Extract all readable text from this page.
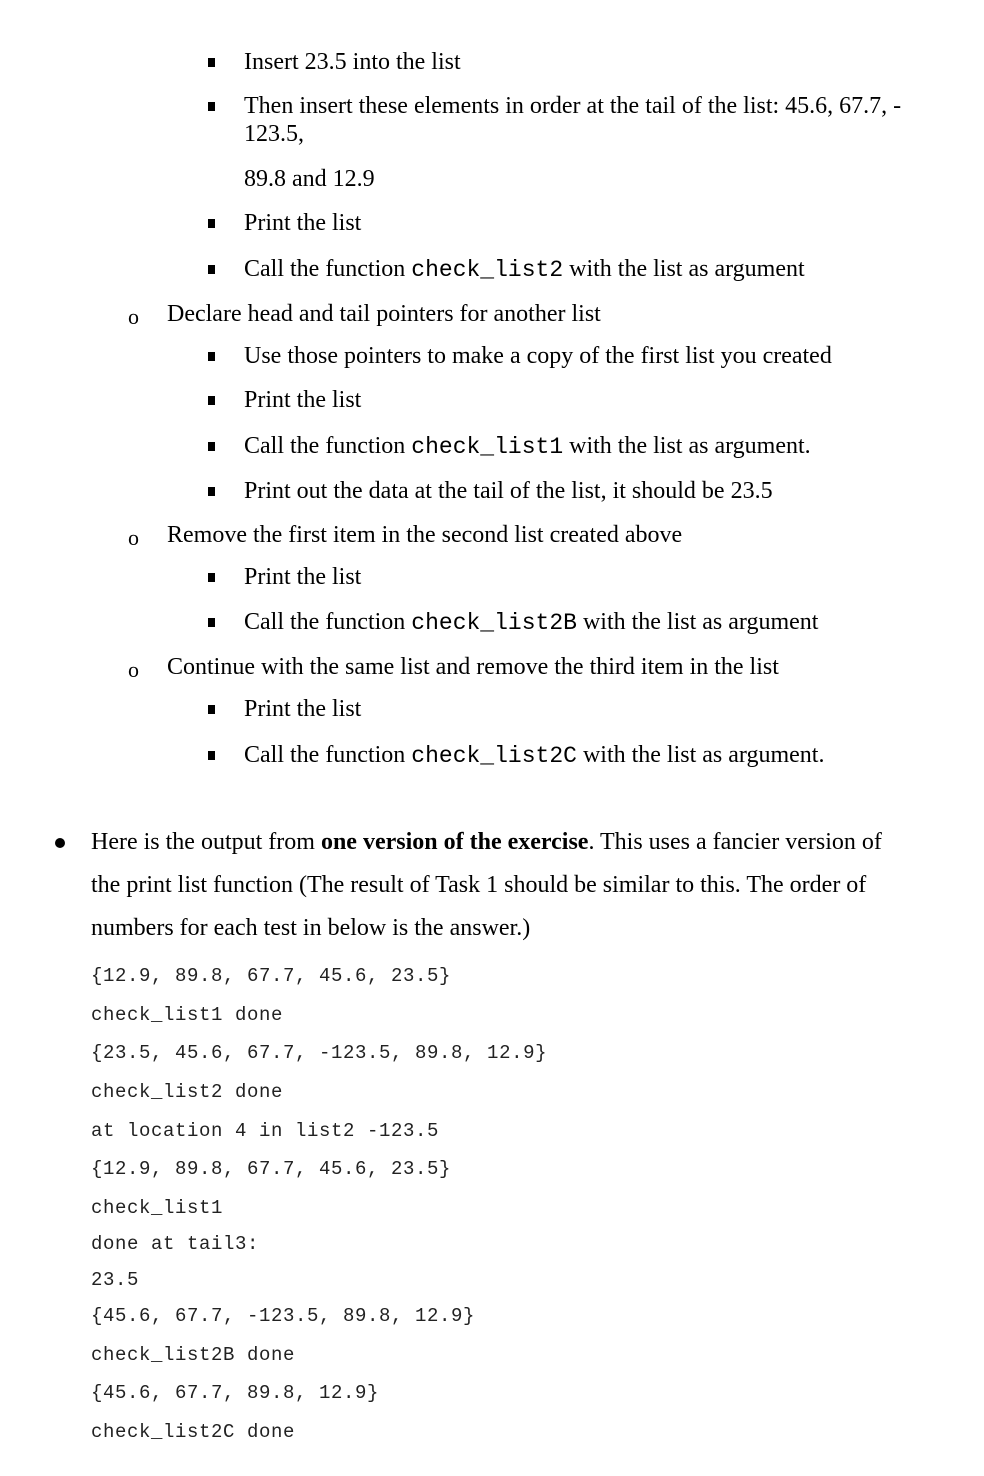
Insert 23.5 into the list
Then insert these elements in order at the tail of the list: 45.6, 67.7, -
123.5,
89.8 and 12.9
Print the list
Call the function check_list2 with the list as argument
o Declare head and tail pointers for another list
Use those pointers to make a copy of the first list you created
Print the list
Call the function check_list1 with the list as argument.
Print out the data at the tail of the list, it should be 23.5
o Remove the first item in the second list created above
Print the list
Call the function check_list2B with the list as argument
o Continue with the same list and remove the third item in the list
Print the list
Call the function check_list2C with the list as argument.
Here is the output from one version of the exercise. This uses a fancier version of
the print list function (The result of Task 1 should be similar to this. The order of
numbers for each test in below is the answer.)
{12.9, 89.8, 67.7, 45.6, 23.5}
check_list1 done
{23.5, 45.6, 67.7, -123.5, 89.8, 12.9}
check_list2 done
at location 4 in list2 -123.5
{12.9, 89.8, 67.7, 45.6, 23.5}
check_list1
done at tail3:
23.5
{45.6, 67.7, -123.5, 89.8, 12.9}
check_list2B done
{45.6, 67.7, 89.8, 12.9}
check_list2C done
